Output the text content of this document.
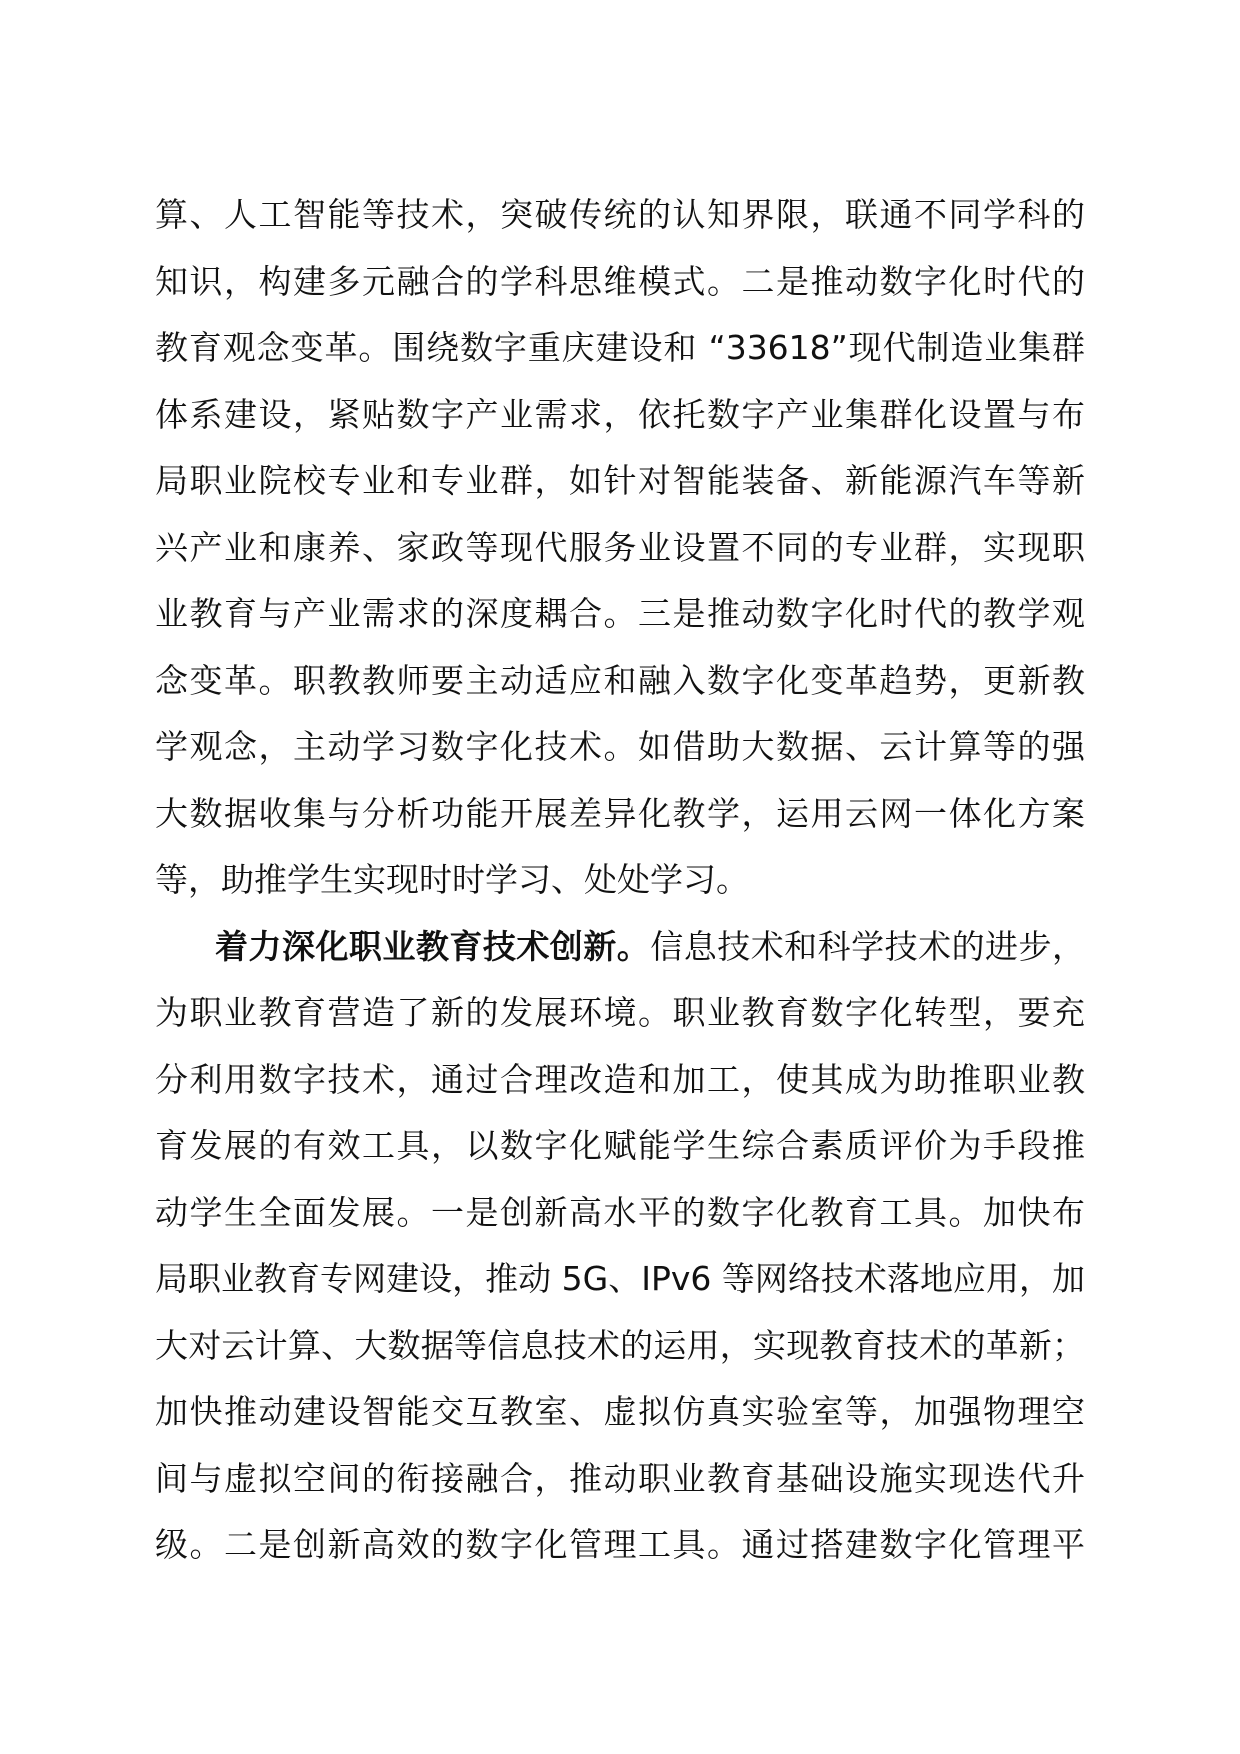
算、人工智能等技术，突破传统的认知界限，联通不同学科的
知识，构建多元融合的学科思维模式。二是推动数字化时代的
教育观念变革。围绕数字重庆建设和 “33618”现代制造业集群
体系建设，紧贴数字产业需求，依托数字产业集群化设置与布
局职业院校专业和专业群，如针对智能装备、新能源汽车等新
兴产业和康养、家政等现代服务业设置不同的专业群，实现职
业教育与产业需求的深度耦合。三是推动数字化时代的教学观
念变革。职教教师要主动适应和融入数字化变革趋势，更新教
学观念，主动学习数字化技术。如借助大数据、云计算等的强
大数据收集与分析功能开展差异化教学，运用云网一体化方案
等，助推学生实现时时学习、处处学习。
着力深化职业教育技术创新。信息技术和科学技术的进步，
为职业教育营造了新的发展环境。职业教育数字化转型，要充
分利用数字技术，通过合理改造和加工，使其成为助推职业教
育发展的有效工具，以数字化赋能学生综合素质评价为手段推
动学生全面发展。一是创新高水平的数字化教育工具。加快布
局职业教育专网建设，推动 5G、IPv6 等网络技术落地应用，加
大对云计算、大数据等信息技术的运用，实现教育技术的革新；
加快推动建设智能交互教室、虚拟仿真实验室等，加强物理空
间与虚拟空间的衔接融合，推动职业教育基础设施实现迭代升
级。二是创新高效的数字化管理工具。通过搭建数字化管理平
